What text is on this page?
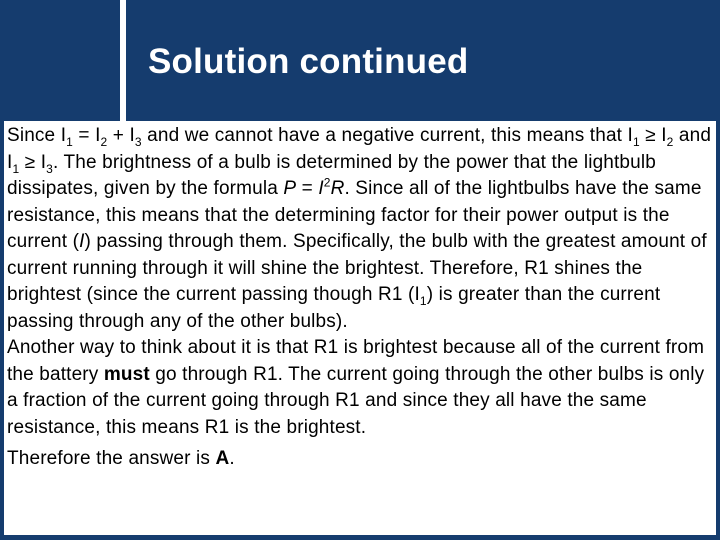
Solution continued

Since $I_1 = I_2 + I_3$ and we cannot have a negative current, this means that $I_1 \ge I_2$ and $I_1 \ge I_3$. The brightness of a bulb is determined by the power that the lightbulb dissipates, given by the formula $P = I^2R$. Since all of the lightbulbs have the same resistance, this means that the determining factor for their power output is the current (I) passing through them. Specifically, the bulb with the greatest amount of current running through it will shine the brightest. Therefore, R1 shines the brightest (since the current passing though R1 $(I_1)$ is greater than the current passing through any of the other bulbs).

Another way to think about it is that R1 is brightest because all of the current from the battery must go through R1. The current going through the other bulbs is only a fraction of the current going through R1 and since they all have the same resistance, this means R1 is the brightest.

Therefore the answer is A.
